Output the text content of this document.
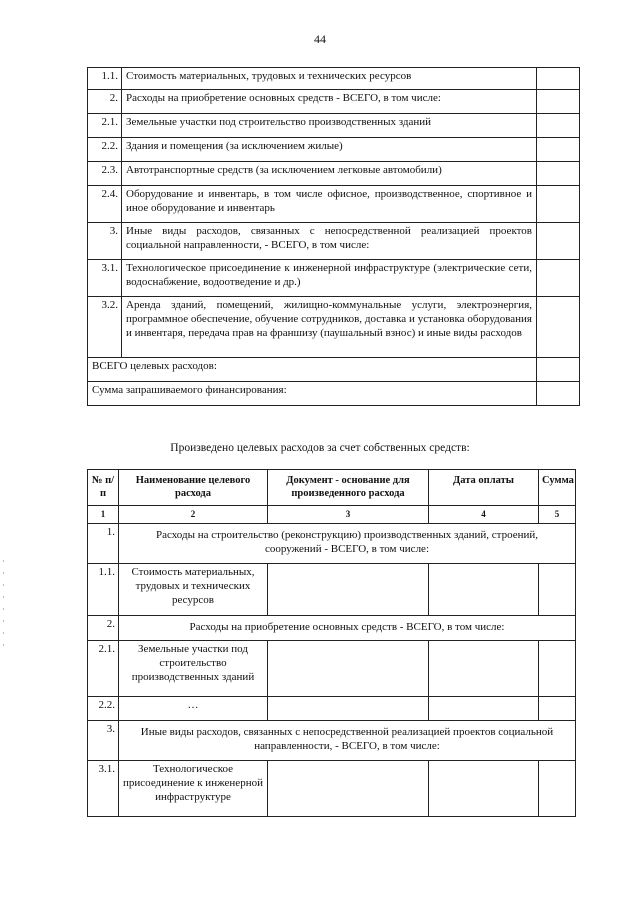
44
1.1.	Стоимость материальных, трудовых и технических ресурсов	
2.	Расходы на приобретение основных средств - ВСЕГО, в том числе:	
2.1.	Земельные участки под строительство производственных зданий	
2.2.	Здания и помещения (за исключением жилые)	
2.3.	Автотранспортные средств (за исключением легковые автомобили)	
2.4.	Оборудование и инвентарь, в том числе офисное, производственное, спортивное и иное оборудование и инвентарь	
3.	Иные виды расходов, связанных с непосредственной реализацией проектов социальной направленности, - ВСЕГО, в том числе:	
3.1.	Технологическое присоединение к инженерной инфраструктуре (электрические сети, водоснабжение, водоотведение и др.)	
3.2.	Аренда зданий, помещений, жилищно-коммунальные услуги, электроэнергия, программное обеспечение, обучение сотрудников, доставка и установка оборудования и инвентаря, передача прав на франшизу (паушальный взнос) и иные виды расходов	
ВСЕГО целевых расходов:		
Сумма запрашиваемого финансирования:		
Произведено целевых расходов за счет собственных средств:
№ п/п	Наименование целевого расхода	Документ - основание для произведенного расхода	Дата оплаты	Сумма
1	2	3	4	5
1.	Расходы на строительство (реконструкцию) производственных зданий, строений, сооружений - ВСЕГО, в том числе:			
1.1.	Стоимость материальных, трудовых и технических ресурсов			
2.	Расходы на приобретение основных средств - ВСЕГО, в том числе:			
2.1.	Земельные участки под строительство производственных зданий			
2.2.	…			
3.	Иные виды расходов, связанных с непосредственной реализацией проектов социальной направленности, - ВСЕГО, в том числе:			
3.1.	Технологическое присоединение к инженерной инфраструктуре			
